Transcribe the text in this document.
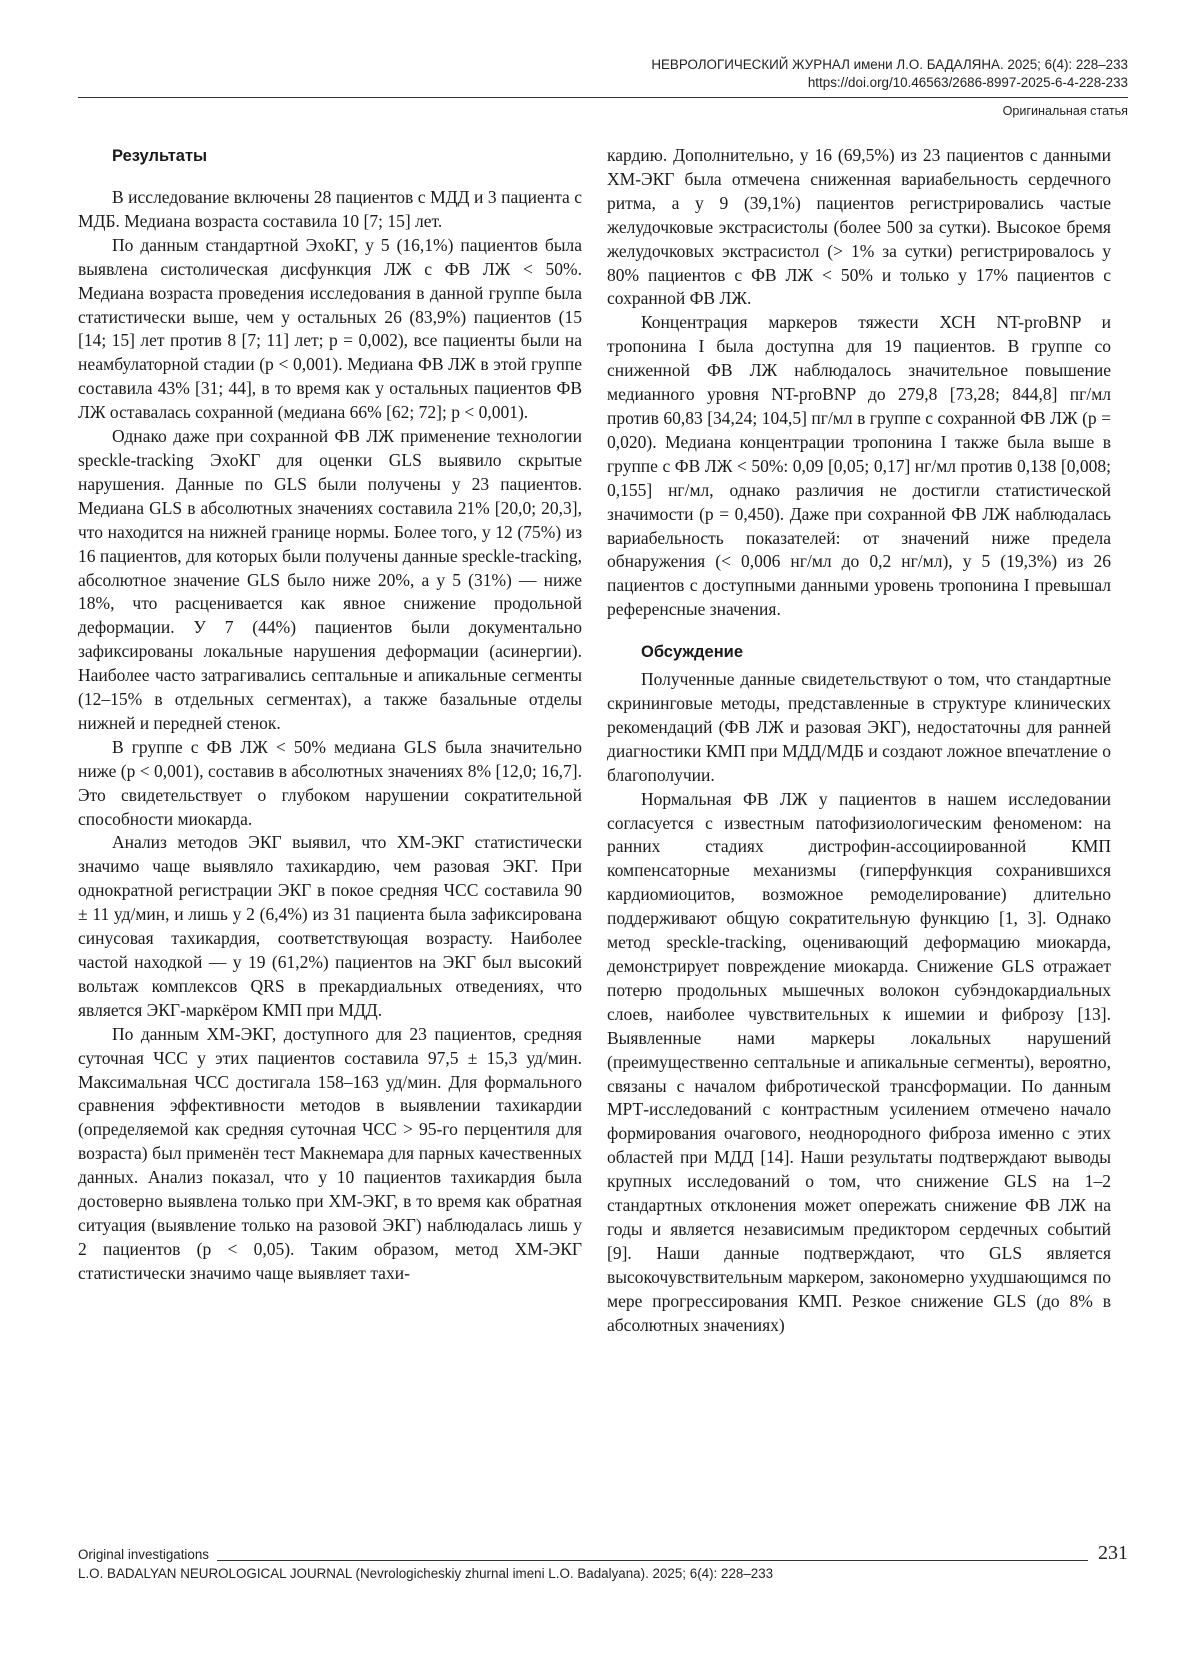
НЕВРОЛОГИЧЕСКИЙ ЖУРНАЛ имени Л.О. БАДАЛЯНА. 2025; 6(4): 228–233
https://doi.org/10.46563/2686-8997-2025-6-4-228-233
Оригинальная статья
Результаты

В исследование включены 28 пациентов с МДД и 3 пациента с МДБ. Медиана возраста составила 10 [7; 15] лет.

По данным стандартной ЭхоКГ, у 5 (16,1%) пациентов была выявлена систолическая дисфункция ЛЖ с ФВ ЛЖ < 50%. Медиана возраста проведения исследования в данной группе была статистически выше, чем у остальных 26 (83,9%) пациентов (15 [14; 15] лет против 8 [7; 11] лет; p = 0,002), все пациенты были на неамбулаторной стадии (p < 0,001). Медиана ФВ ЛЖ в этой группе составила 43% [31; 44], в то время как у остальных пациентов ФВ ЛЖ оставалась сохранной (медиана 66% [62; 72]; p < 0,001).

Однако даже при сохранной ФВ ЛЖ применение технологии speckle-tracking ЭхоКГ для оценки GLS выявило скрытые нарушения. Данные по GLS были получены у 23 пациентов. Медиана GLS в абсолютных значениях составила 21% [20,0; 20,3], что находится на нижней границе нормы. Более того, у 12 (75%) из 16 пациентов, для которых были получены данные speckle-tracking, абсолютное значение GLS было ниже 20%, а у 5 (31%) — ниже 18%, что расценивается как явное снижение продольной деформации. У 7 (44%) пациентов были документально зафиксированы локальные нарушения деформации (асинергии). Наиболее часто затрагивались септальные и апикальные сегменты (12–15% в отдельных сегментах), а также базальные отделы нижней и передней стенок.

В группе с ФВ ЛЖ < 50% медиана GLS была значительно ниже (p < 0,001), составив в абсолютных значениях 8% [12,0; 16,7]. Это свидетельствует о глубоком нарушении сократительной способности миокарда.

Анализ методов ЭКГ выявил, что ХМ-ЭКГ статистически значимо чаще выявляло тахикардию, чем разовая ЭКГ. При однократной регистрации ЭКГ в покое средняя ЧСС составила 90 ± 11 уд/мин, и лишь у 2 (6,4%) из 31 пациента была зафиксирована синусовая тахикардия, соответствующая возрасту. Наиболее частой находкой — у 19 (61,2%) пациентов на ЭКГ был высокий вольтаж комплексов QRS в прекардиальных отведениях, что является ЭКГ-маркёром КМП при МДД.

По данным ХМ-ЭКГ, доступного для 23 пациентов, средняя суточная ЧСС у этих пациентов составила 97,5 ± 15,3 уд/мин. Максимальная ЧСС достигала 158–163 уд/мин. Для формального сравнения эффективности методов в выявлении тахикардии (определяемой как средняя суточная ЧСС > 95-го перцентиля для возраста) был применён тест Макнемара для парных качественных данных. Анализ показал, что у 10 пациентов тахикардия была достоверно выявлена только при ХМ-ЭКГ, в то время как обратная ситуация (выявление только на разовой ЭКГ) наблюдалась лишь у 2 пациентов (p < 0,05). Таким образом, метод ХМ-ЭКГ статистически значимо чаще выявляет тахи-

кардию. Дополнительно, у 16 (69,5%) из 23 пациентов с данными ХМ-ЭКГ была отмечена сниженная вариабельность сердечного ритма, а у 9 (39,1%) пациентов регистрировались частые желудочковые экстрасистолы (более 500 за сутки). Высокое бремя желудочковых экстрасистол (> 1% за сутки) регистрировалось у 80% пациентов с ФВ ЛЖ < 50% и только у 17% пациентов с сохранной ФВ ЛЖ.

Концентрация маркеров тяжести ХСН NT-proBNP и тропонина I была доступна для 19 пациентов. В группе со сниженной ФВ ЛЖ наблюдалось значительное повышение медианного уровня NT-proBNP до 279,8 [73,28; 844,8] пг/мл против 60,83 [34,24; 104,5] пг/мл в группе с сохранной ФВ ЛЖ (p = 0,020). Медиана концентрации тропонина I также была выше в группе с ФВ ЛЖ < 50%: 0,09 [0,05; 0,17] нг/мл против 0,138 [0,008; 0,155] нг/мл, однако различия не достигли статистической значимости (p = 0,450). Даже при сохранной ФВ ЛЖ наблюдалась вариабельность показателей: от значений ниже предела обнаружения (< 0,006 нг/мл до 0,2 нг/мл), у 5 (19,3%) из 26 пациентов с доступными данными уровень тропонина I превышал референсные значения.

Обсуждение

Полученные данные свидетельствуют о том, что стандартные скрининговые методы, представленные в структуре клинических рекомендаций (ФВ ЛЖ и разовая ЭКГ), недостаточны для ранней диагностики КМП при МДД/МДБ и создают ложное впечатление о благополучии.

Нормальная ФВ ЛЖ у пациентов в нашем исследовании согласуется с известным патофизиологическим феноменом: на ранних стадиях дистрофин-ассоциированной КМП компенсаторные механизмы (гиперфункция сохранившихся кардиомиоцитов, возможное ремоделирование) длительно поддерживают общую сократительную функцию [1, 3]. Однако метод speckle-tracking, оценивающий деформацию миокарда, демонстрирует повреждение миокарда. Снижение GLS отражает потерю продольных мышечных волокон субэндокардиальных слоев, наиболее чувствительных к ишемии и фиброзу [13]. Выявленные нами маркеры локальных нарушений (преимущественно септальные и апикальные сегменты), вероятно, связаны с началом фибротической трансформации. По данным МРТ-исследований с контрастным усилением отмечено начало формирования очагового, неоднородного фиброза именно с этих областей при МДД [14]. Наши результаты подтверждают выводы крупных исследований о том, что снижение GLS на 1–2 стандартных отклонения может опережать снижение ФВ ЛЖ на годы и является независимым предиктором сердечных событий [9]. Наши данные подтверждают, что GLS является высокочувствительным маркером, закономерно ухудшающимся по мере прогрессирования КМП. Резкое снижение GLS (до 8% в абсолютных значениях)

Original investigations	231
L.O. BADALYAN NEUROLOGICAL JOURNAL (Nevrologicheskiy zhurnal imeni L.O. Badalyana). 2025; 6(4): 228–233
